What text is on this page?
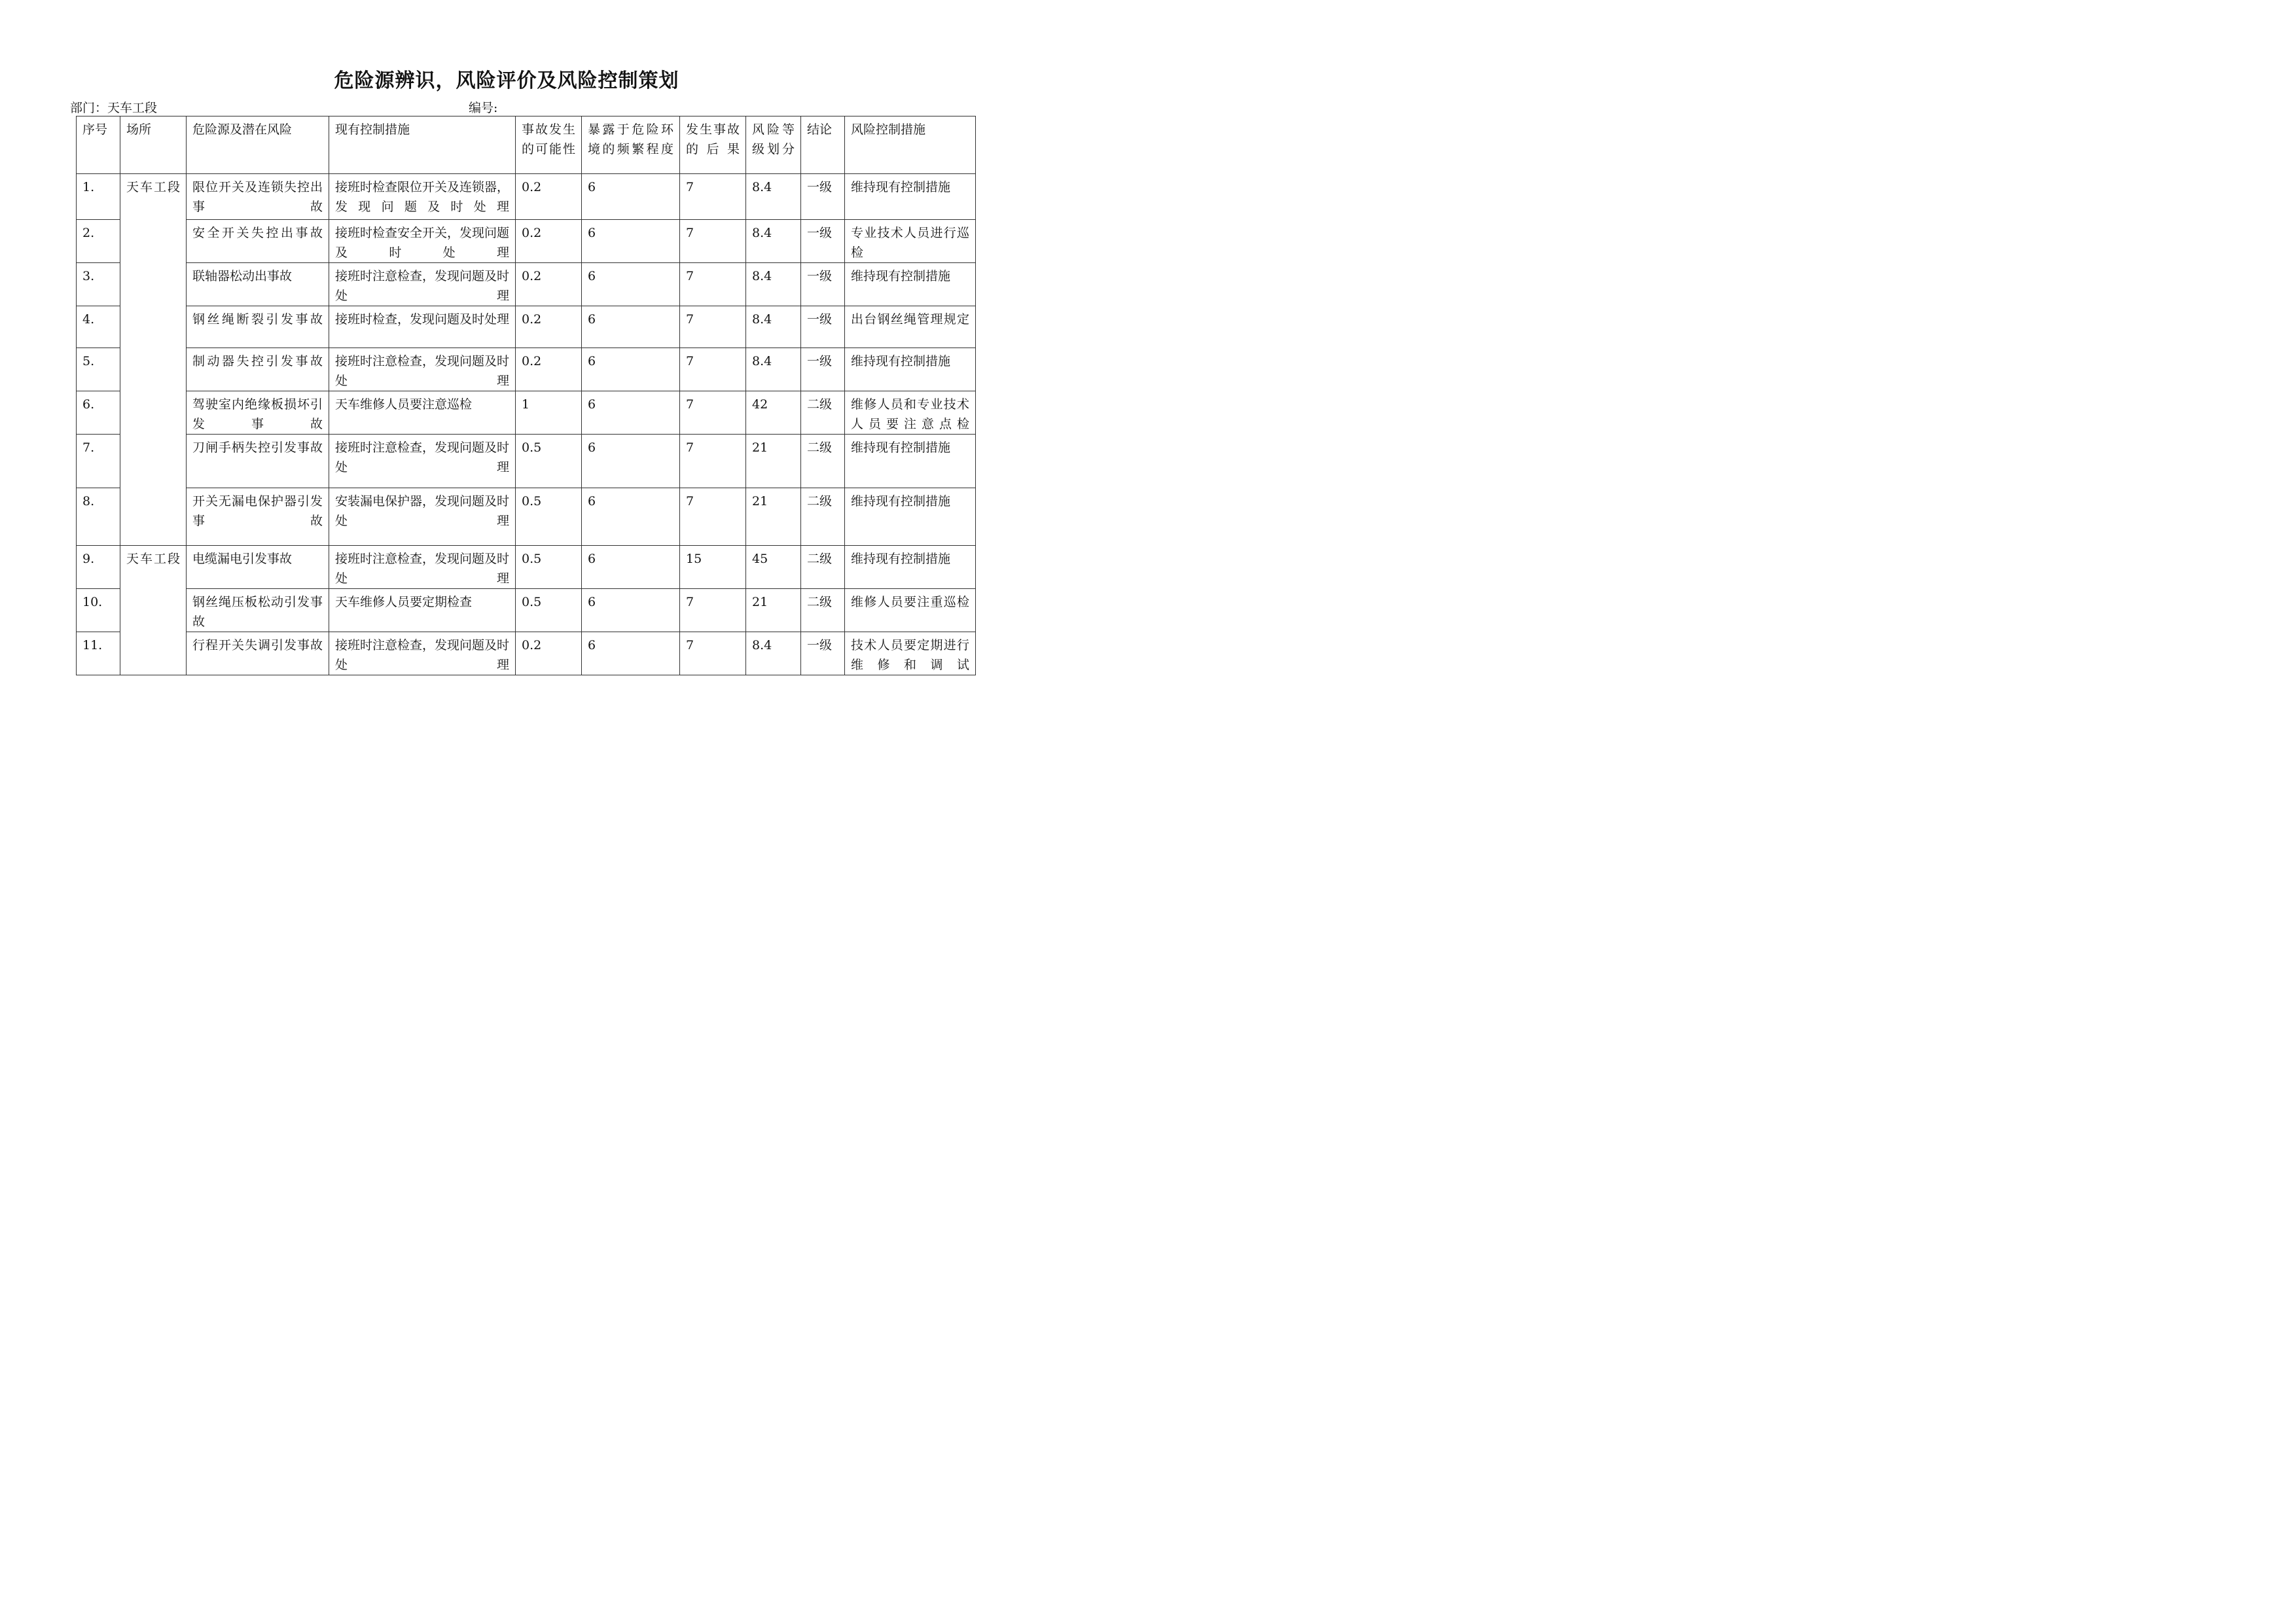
危险源辨识，风险评价及风险控制策划
部门：天车工段	编号:
序号	场所	危险源及潜在风险	现有控制措施	事故发生的可能性	暴露于危险环境的频繁程度	发生事故的后果	风险等级划分	结论	风险控制措施
1.	天车工段	限位开关及连锁失控出事故	接班时检查限位开关及连锁器，发现问题及时处理	0.2	6	7	8.4	一级	维持现有控制措施
2.		安全开关失控出事故	接班时检查安全开关，发现问题及时处理	0.2	6	7	8.4	一级	专业技术人员进行巡检
3.		联轴器松动出事故	接班时注意检查，发现问题及时处理	0.2	6	7	8.4	一级	维持现有控制措施
4.		钢丝绳断裂引发事故	接班时检查，发现问题及时处理	0.2	6	7	8.4	一级	出台钢丝绳管理规定
5.		制动器失控引发事故	接班时注意检查，发现问题及时处理	0.2	6	7	8.4	一级	维持现有控制措施
6.		驾驶室内绝缘板损坏引发事故	天车维修人员要注意巡检	1	6	7	42	二级	维修人员和专业技术人员要注意点检
7.		刀闸手柄失控引发事故	接班时注意检查，发现问题及时处理	0.5	6	7	21	二级	维持现有控制措施
8.		开关无漏电保护器引发事故	安装漏电保护器，发现问题及时处理	0.5	6	7	21	二级	维持现有控制措施
9.	天车工段	电缆漏电引发事故	接班时注意检查，发现问题及时处理	0.5	6	15	45	二级	维持现有控制措施
10.		钢丝绳压板松动引发事故	天车维修人员要定期检查	0.5	6	7	21	二级	维修人员要注重巡检
11.		行程开关失调引发事故	接班时注意检查，发现问题及时处理	0.2	6	7	8.4	一级	技术人员要定期进行维修和调试
